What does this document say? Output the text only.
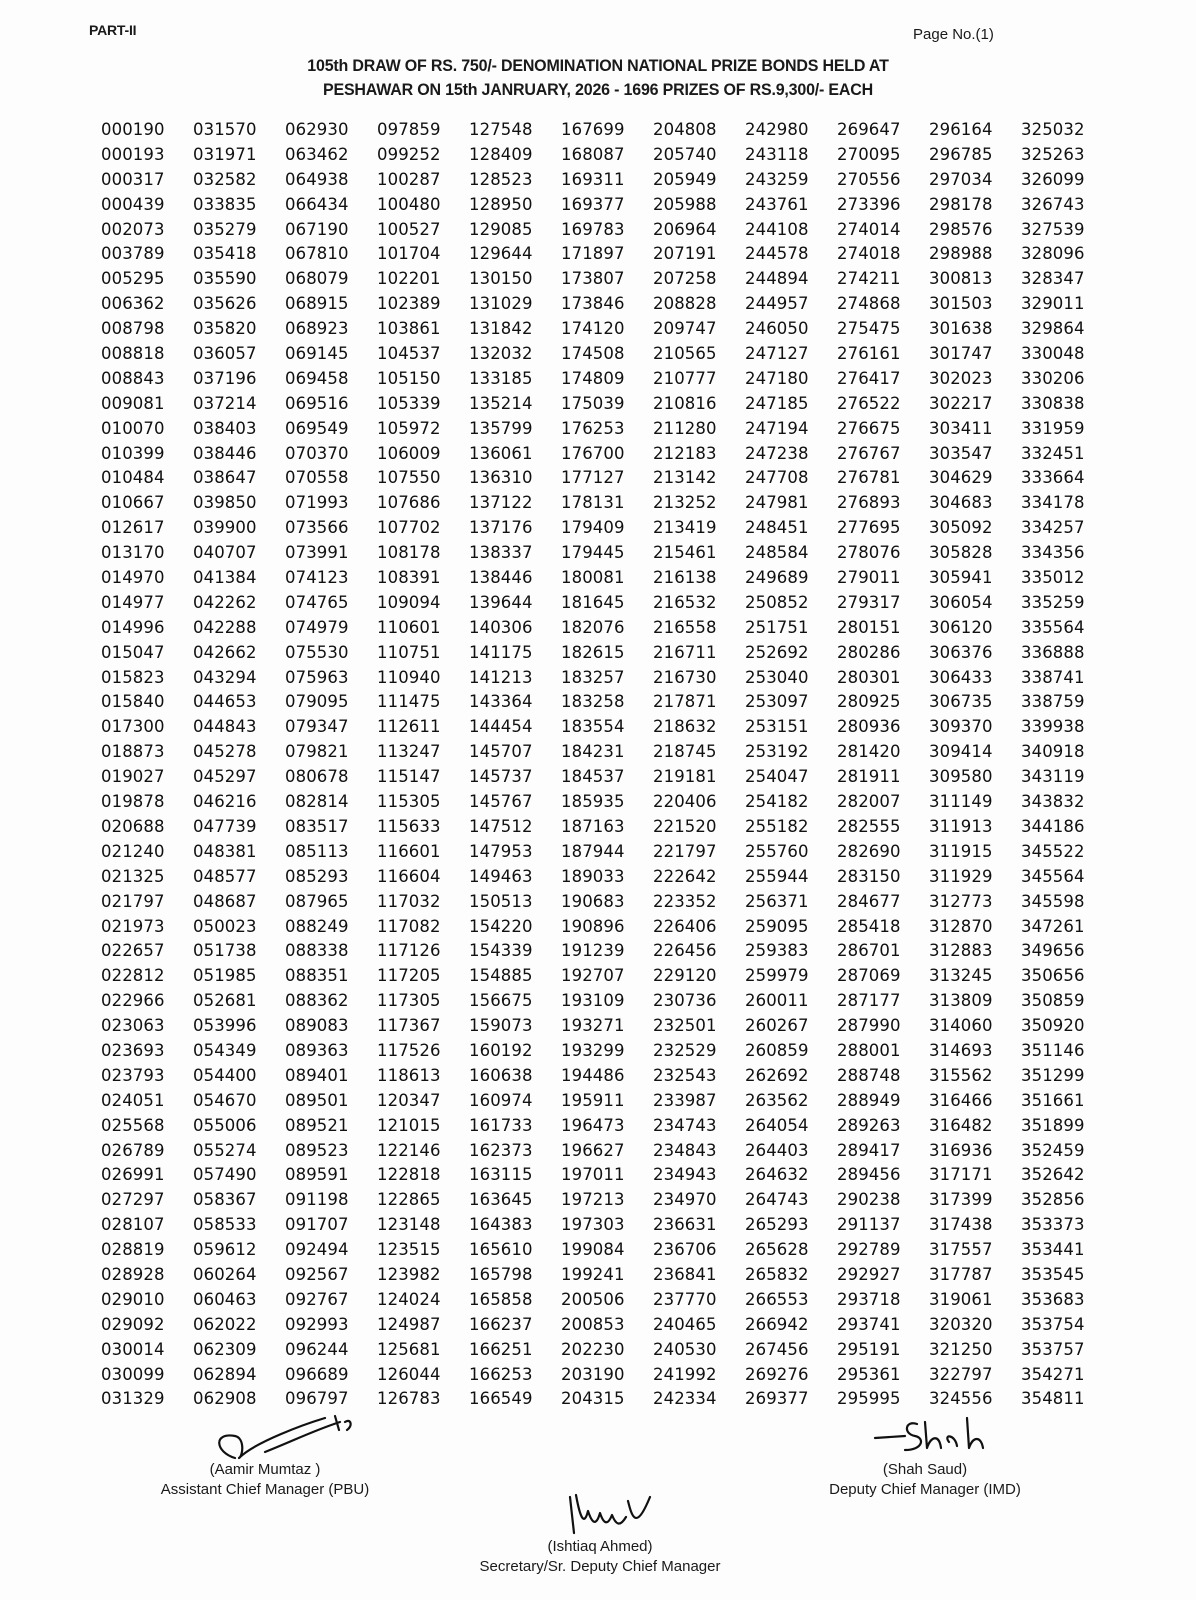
PART-II	Page No.(1)
105th DRAW OF RS. 750/- DENOMINATION NATIONAL PRIZE BONDS HELD AT
PESHAWAR ON 15th JANRUARY, 2026 - 1696 PRIZES OF RS.9,300/- EACH
000190
000193
000317
000439
002073
003789
005295
006362
008798
008818
008843
009081
010070
010399
010484
010667
012617
013170
014970
014977
014996
015047
015823
015840
017300
018873
019027
019878
020688
021240
021325
021797
021973
022657
022812
022966
023063
023693
023793
024051
025568
026789
026991
027297
028107
028819
028928
029010
029092
030014
030099
031329
031570
031971
032582
033835
035279
035418
035590
035626
035820
036057
037196
037214
038403
038446
038647
039850
039900
040707
041384
042262
042288
042662
043294
044653
044843
045278
045297
046216
047739
048381
048577
048687
050023
051738
051985
052681
053996
054349
054400
054670
055006
055274
057490
058367
058533
059612
060264
060463
062022
062309
062894
062908
062930
063462
064938
066434
067190
067810
068079
068915
068923
069145
069458
069516
069549
070370
070558
071993
073566
073991
074123
074765
074979
075530
075963
079095
079347
079821
080678
082814
083517
085113
085293
087965
088249
088338
088351
088362
089083
089363
089401
089501
089521
089523
089591
091198
091707
092494
092567
092767
092993
096244
096689
096797
097859
099252
100287
100480
100527
101704
102201
102389
103861
104537
105150
105339
105972
106009
107550
107686
107702
108178
108391
109094
110601
110751
110940
111475
112611
113247
115147
115305
115633
116601
116604
117032
117082
117126
117205
117305
117367
117526
118613
120347
121015
122146
122818
122865
123148
123515
123982
124024
124987
125681
126044
126783
127548
128409
128523
128950
129085
129644
130150
131029
131842
132032
133185
135214
135799
136061
136310
137122
137176
138337
138446
139644
140306
141175
141213
143364
144454
145707
145737
145767
147512
147953
149463
150513
154220
154339
154885
156675
159073
160192
160638
160974
161733
162373
163115
163645
164383
165610
165798
165858
166237
166251
166253
166549
167699
168087
169311
169377
169783
171897
173807
173846
174120
174508
174809
175039
176253
176700
177127
178131
179409
179445
180081
181645
182076
182615
183257
183258
183554
184231
184537
185935
187163
187944
189033
190683
190896
191239
192707
193109
193271
193299
194486
195911
196473
196627
197011
197213
197303
199084
199241
200506
200853
202230
203190
204315
204808
205740
205949
205988
206964
207191
207258
208828
209747
210565
210777
210816
211280
212183
213142
213252
213419
215461
216138
216532
216558
216711
216730
217871
218632
218745
219181
220406
221520
221797
222642
223352
226406
226456
229120
230736
232501
232529
232543
233987
234743
234843
234943
234970
236631
236706
236841
237770
240465
240530
241992
242334
242980
243118
243259
243761
244108
244578
244894
244957
246050
247127
247180
247185
247194
247238
247708
247981
248451
248584
249689
250852
251751
252692
253040
253097
253151
253192
254047
254182
255182
255760
255944
256371
259095
259383
259979
260011
260267
260859
262692
263562
264054
264403
264632
264743
265293
265628
265832
266553
266942
267456
269276
269377
269647
270095
270556
273396
274014
274018
274211
274868
275475
276161
276417
276522
276675
276767
276781
276893
277695
278076
279011
279317
280151
280286
280301
280925
280936
281420
281911
282007
282555
282690
283150
284677
285418
286701
287069
287177
287990
288001
288748
288949
289263
289417
289456
290238
291137
292789
292927
293718
293741
295191
295361
295995
296164
296785
297034
298178
298576
298988
300813
301503
301638
301747
302023
302217
303411
303547
304629
304683
305092
305828
305941
306054
306120
306376
306433
306735
309370
309414
309580
311149
311913
311915
311929
312773
312870
312883
313245
313809
314060
314693
315562
316466
316482
316936
317171
317399
317438
317557
317787
319061
320320
321250
322797
324556
325032
325263
326099
326743
327539
328096
328347
329011
329864
330048
330206
330838
331959
332451
333664
334178
334257
334356
335012
335259
335564
336888
338741
338759
339938
340918
343119
343832
344186
345522
345564
345598
347261
349656
350656
350859
350920
351146
351299
351661
351899
352459
352642
352856
353373
353441
353545
353683
353754
353757
354271
354811
(Aamir Mumtaz )
Assistant Chief Manager (PBU)
(Ishtiaq Ahmed)
Secretary/Sr. Deputy Chief Manager
(Shah Saud)
Deputy Chief Manager (IMD)
